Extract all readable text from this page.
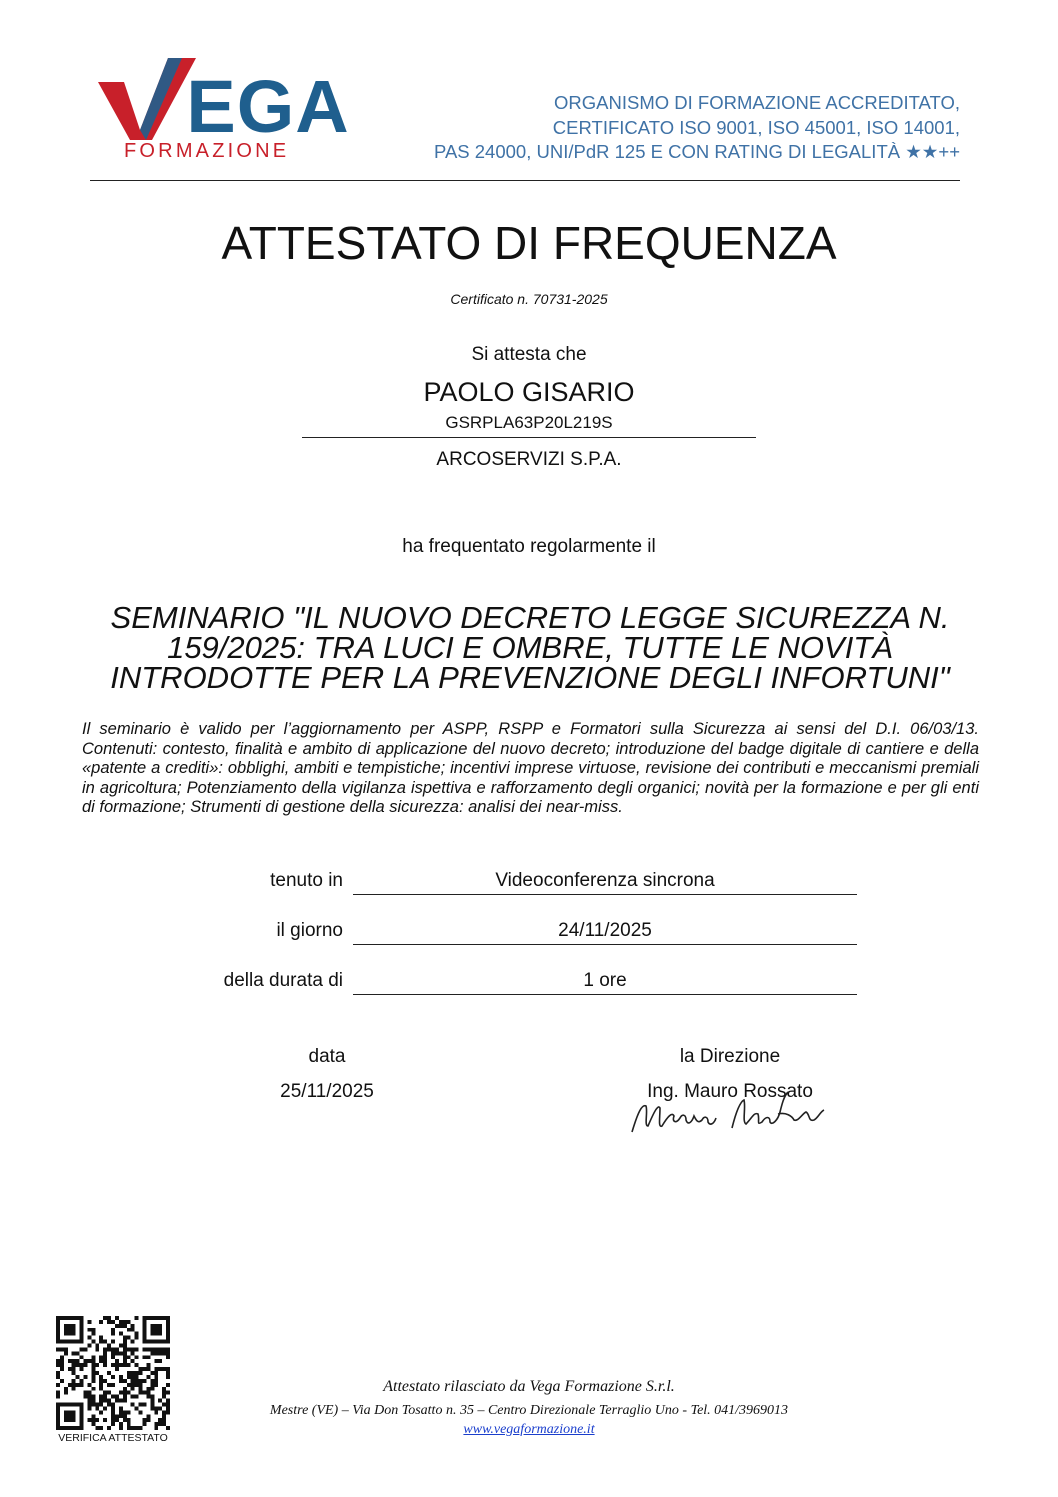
EGA
FORMAZIONE
ORGANISMO DI FORMAZIONE ACCREDITATO,
CERTIFICATO ISO 9001, ISO 45001, ISO 14001,
PAS 24000, UNI/PdR 125 E CON RATING DI LEGALITÀ ★★++
ATTESTATO DI FREQUENZA
Certificato n. 70731-2025
Si attesta che
PAOLO GISARIO
GSRPLA63P20L219S
ARCOSERVIZI S.P.A.
ha frequentato regolarmente il
SEMINARIO "IL NUOVO DECRETO LEGGE SICUREZZA N. 159/2025: TRA LUCI E OMBRE, TUTTE LE NOVITÀ INTRODOTTE PER LA PREVENZIONE DEGLI INFORTUNI"
Il seminario è valido per l’aggiornamento per ASPP, RSPP e Formatori sulla Sicurezza ai sensi del D.I. 06/03/13. Contenuti: contesto, finalità e ambito di applicazione del nuovo decreto; introduzione del badge digitale di cantiere e della «patente a crediti»: obblighi, ambiti e tempistiche; incentivi imprese virtuose, revisione dei contributi e meccanismi premiali in agricoltura; Potenziamento della vigilanza ispettiva e rafforzamento degli organici; novità per la formazione e per gli enti di formazione; Strumenti di gestione della sicurezza: analisi dei near-miss.
tenuto in	Videoconferenza sincrona
il giorno	24/11/2025
della durata di	1 ore
data
25/11/2025
la Direzione
Ing. Mauro Rossato
VERIFICA ATTESTATO
Attestato rilasciato da Vega Formazione S.r.l.
Mestre (VE) – Via Don Tosatto n. 35 – Centro Direzionale Terraglio Uno - Tel. 041/3969013
www.vegaformazione.it
